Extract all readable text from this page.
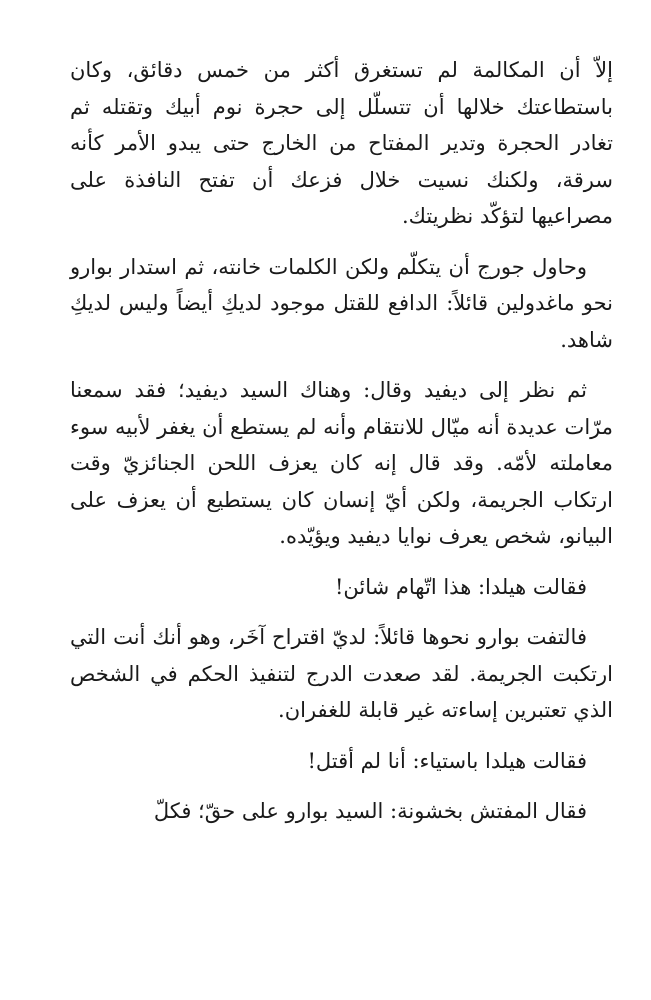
إلاّ أن المكالمة لم تستغرق أكثر من خمس دقائق، وكان باستطاعتك خلالها أن تتسلّل إلى حجرة نوم أبيك وتقتله ثم تغادر الحجرة وتدير المفتاح من الخارج حتى يبدو الأمر كأنه سرقة، ولكنك نسيت خلال فزعك أن تفتح النافذة على مصراعيها لتؤكّد نظريتك.

وحاول جورج أن يتكلّم ولكن الكلمات خانته، ثم استدار بوارو نحو ماغدولين قائلاً: الدافع للقتل موجود لديكِ أيضاً وليس لديكِ شاهد.

ثم نظر إلى ديفيد وقال: وهناك السيد ديفيد؛ فقد سمعنا مرّات عديدة أنه ميّال للانتقام وأنه لم يستطع أن يغفر لأبيه سوء معاملته لأمّه. وقد قال إنه كان يعزف اللحن الجنائزيّ وقت ارتكاب الجريمة، ولكن أيّ إنسان كان يستطيع أن يعزف على البيانو، شخص يعرف نوايا ديفيد ويؤيّده.

فقالت هيلدا: هذا اتّهام شائن!

فالتفت بوارو نحوها قائلاً: لديّ اقتراح آخَر، وهو أنك أنت التي ارتكبت الجريمة. لقد صعدت الدرج لتنفيذ الحكم في الشخص الذي تعتبرين إساءته غير قابلة للغفران.

فقالت هيلدا باستياء: أنا لم أقتل!

فقال المفتش بخشونة: السيد بوارو على حقّ؛ فكلّ
